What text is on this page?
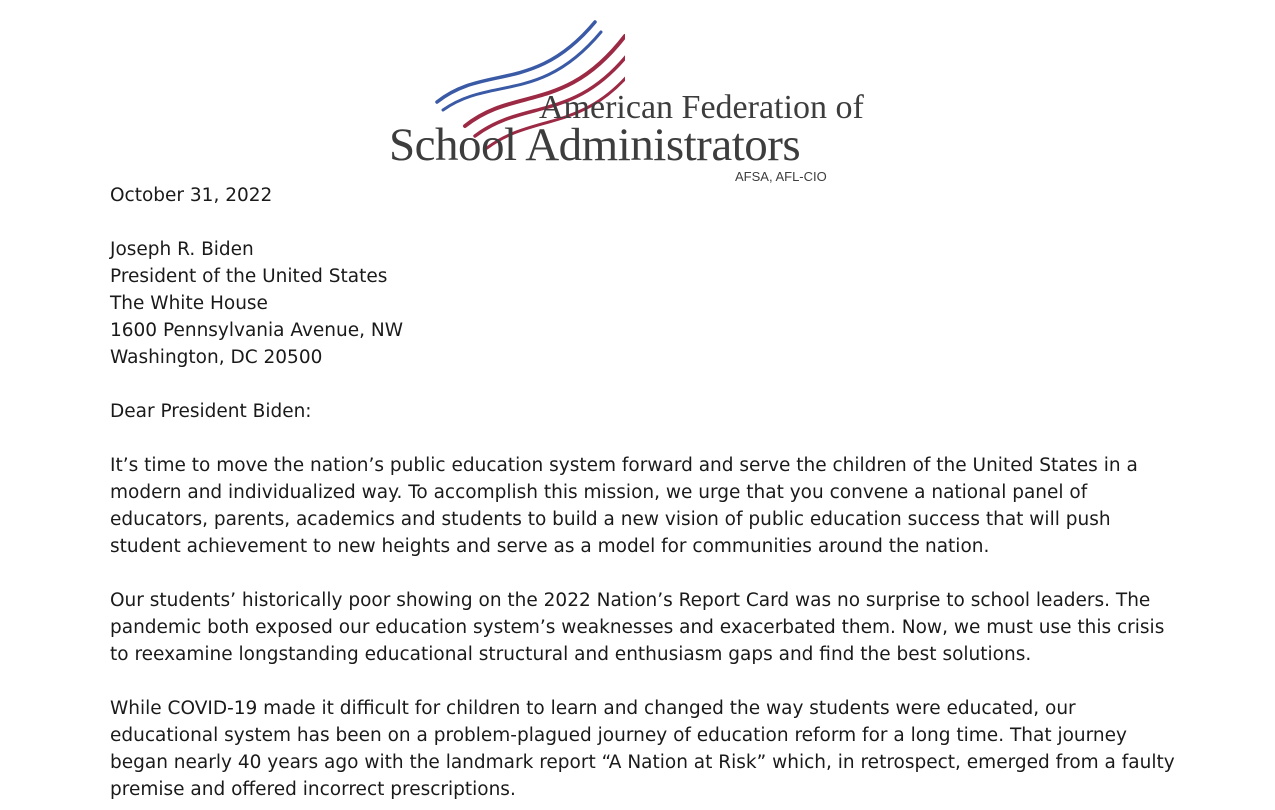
American Federation of
School Administrators
AFSA, AFL-CIO
October 31, 2022
Joseph R. Biden
President of the United States
The White House
1600 Pennsylvania Avenue, NW
Washington, DC 20500
Dear President Biden:
It’s time to move the nation’s public education system forward and serve the children of the United States in a
modern and individualized way. To accomplish this mission, we urge that you convene a national panel of
educators, parents, academics and students to build a new vision of public education success that will push
student achievement to new heights and serve as a model for communities around the nation.
Our students’ historically poor showing on the 2022 Nation’s Report Card was no surprise to school leaders. The
pandemic both exposed our education system’s weaknesses and exacerbated them. Now, we must use this crisis
to reexamine longstanding educational structural and enthusiasm gaps and find the best solutions.
While COVID-19 made it difficult for children to learn and changed the way students were educated, our
educational system has been on a problem-plagued journey of education reform for a long time. That journey
began nearly 40 years ago with the landmark report “A Nation at Risk” which, in retrospect, emerged from a faulty
premise and offered incorrect prescriptions.
